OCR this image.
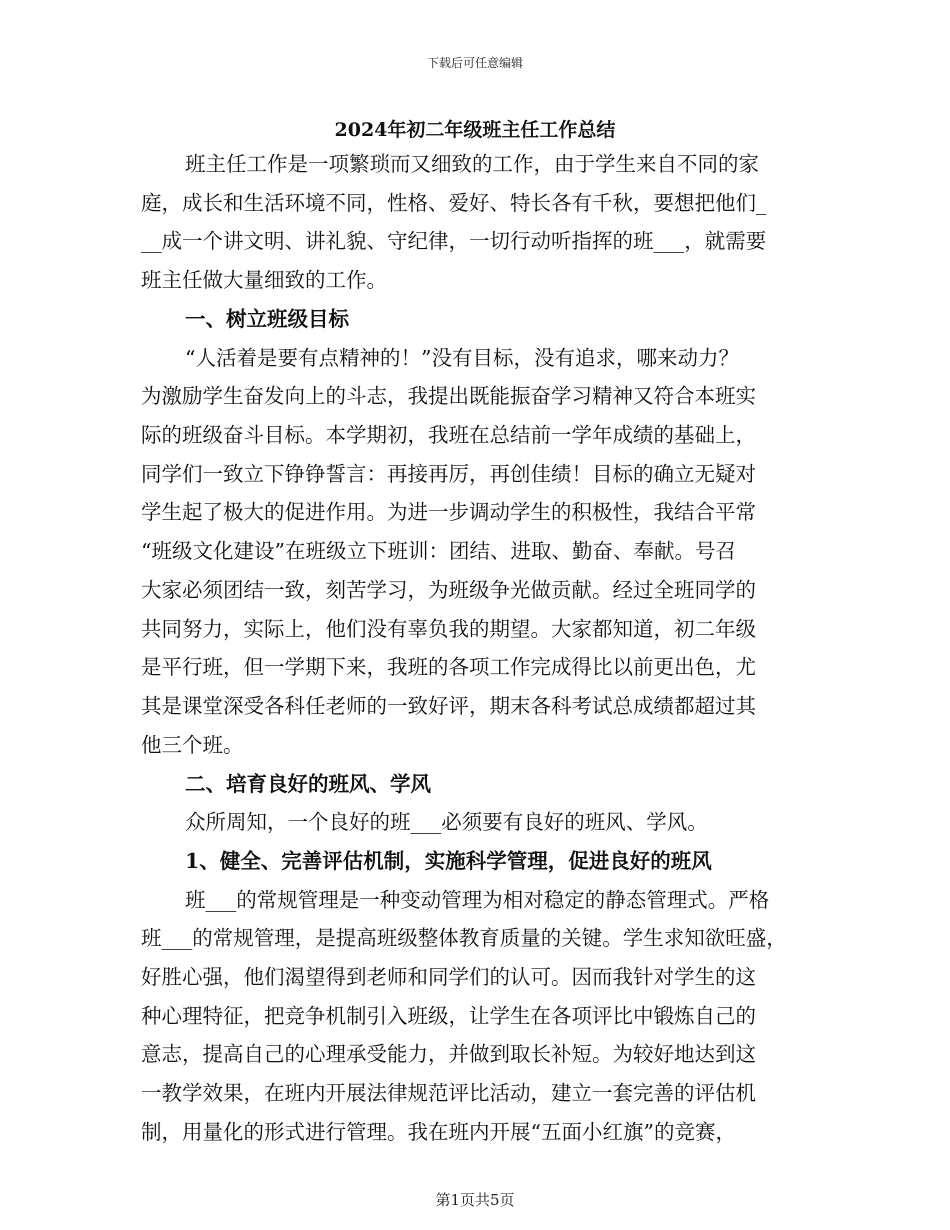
下载后可任意编辑
2024年初二年级班主任工作总结
班主任工作是一项繁琐而又细致的工作，由于学生来自不同的家
庭，成长和生活环境不同，性格、爱好、特长各有千秋，要想把他们_
__成一个讲文明、讲礼貌、守纪律，一切行动听指挥的班___，就需要
班主任做大量细致的工作。
一、树立班级目标
“人活着是要有点精神的！”没有目标，没有追求，哪来动力？
为激励学生奋发向上的斗志，我提出既能振奋学习精神又符合本班实
际的班级奋斗目标。本学期初，我班在总结前一学年成绩的基础上，
同学们一致立下铮铮誓言：再接再厉，再创佳绩！目标的确立无疑对
学生起了极大的促进作用。为进一步调动学生的积极性，我结合平常
“班级文化建设”在班级立下班训：团结、进取、勤奋、奉献。号召
大家必须团结一致，刻苦学习，为班级争光做贡献。经过全班同学的
共同努力，实际上，他们没有辜负我的期望。大家都知道，初二年级
是平行班，但一学期下来，我班的各项工作完成得比以前更出色，尤
其是课堂深受各科任老师的一致好评，期末各科考试总成绩都超过其
他三个班。
二、培育良好的班风、学风
众所周知，一个良好的班___必须要有良好的班风、学风。
1、健全、完善评估机制，实施科学管理，促进良好的班风
班___的常规管理是一种变动管理为相对稳定的静态管理式。严格
班___的常规管理，是提高班级整体教育质量的关键。学生求知欲旺盛，
好胜心强，他们渴望得到老师和同学们的认可。因而我针对学生的这
种心理特征，把竞争机制引入班级，让学生在各项评比中锻炼自己的
意志，提高自己的心理承受能力，并做到取长补短。为较好地达到这
一教学效果，在班内开展法律规范评比活动，建立一套完善的评估机
制，用量化的形式进行管理。我在班内开展“五面小红旗”的竞赛，
第1页共5页
